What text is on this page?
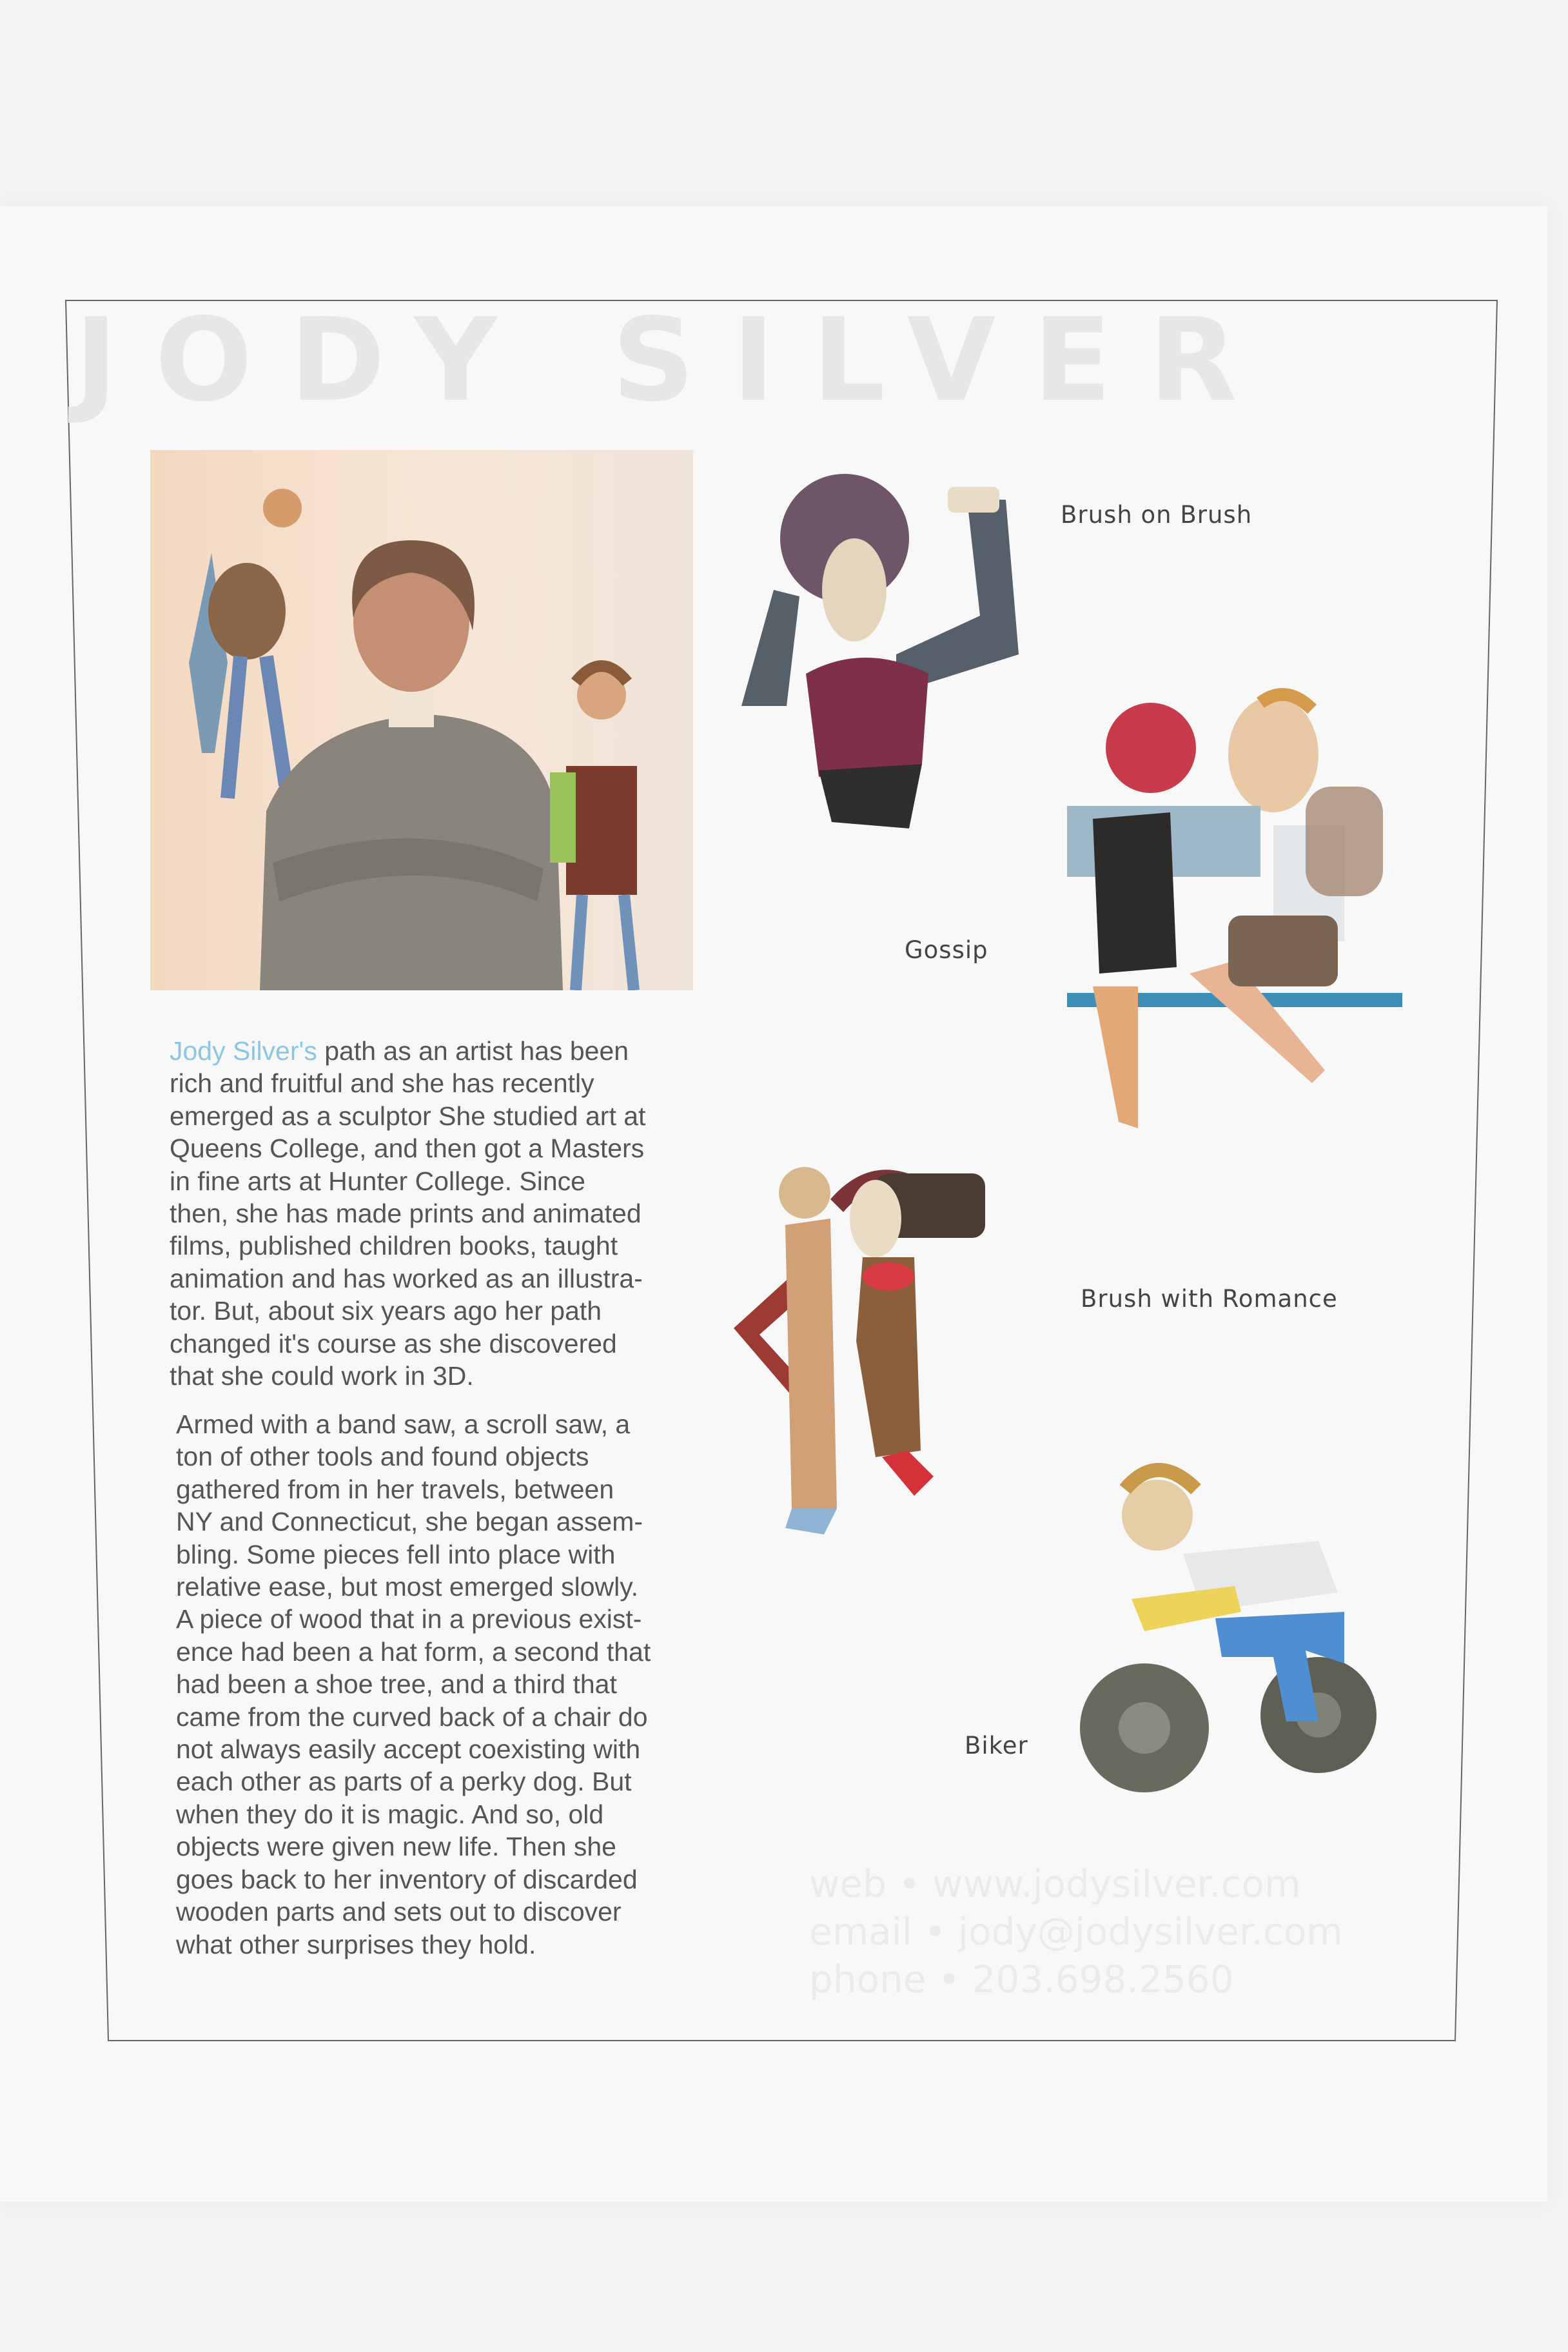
JODY SILVER
Jody Silver's path as an artist has been
rich and fruitful and she has recently
emerged as a sculptor She studied art at
Queens College, and then got a Masters
in fine arts at Hunter College. Since
then, she has made prints and animated
films, published children books, taught
animation and has worked as an illustra-
tor. But, about six years ago her path
changed it's course as she discovered
that she could work in 3D.
Armed with a band saw, a scroll saw, a
ton of other tools and found objects
gathered from in her travels, between
NY and Connecticut, she began assem-
bling. Some pieces fell into place with
relative ease, but most emerged slowly.
A piece of wood that in a previous exist-
ence had been a hat form, a second that
had been a shoe tree, and a third that
came from the curved back of a chair do
not always easily accept coexisting with
each other as parts of a perky dog. But
when they do it is magic. And so, old
objects were given new life. Then she
goes back to her inventory of discarded
wooden parts and sets out to discover
what other surprises they hold.
Brush on Brush
Gossip
Brush with Romance
Biker
web • www.jodysilver.com
email • jody@jodysilver.com
phone • 203.698.2560
